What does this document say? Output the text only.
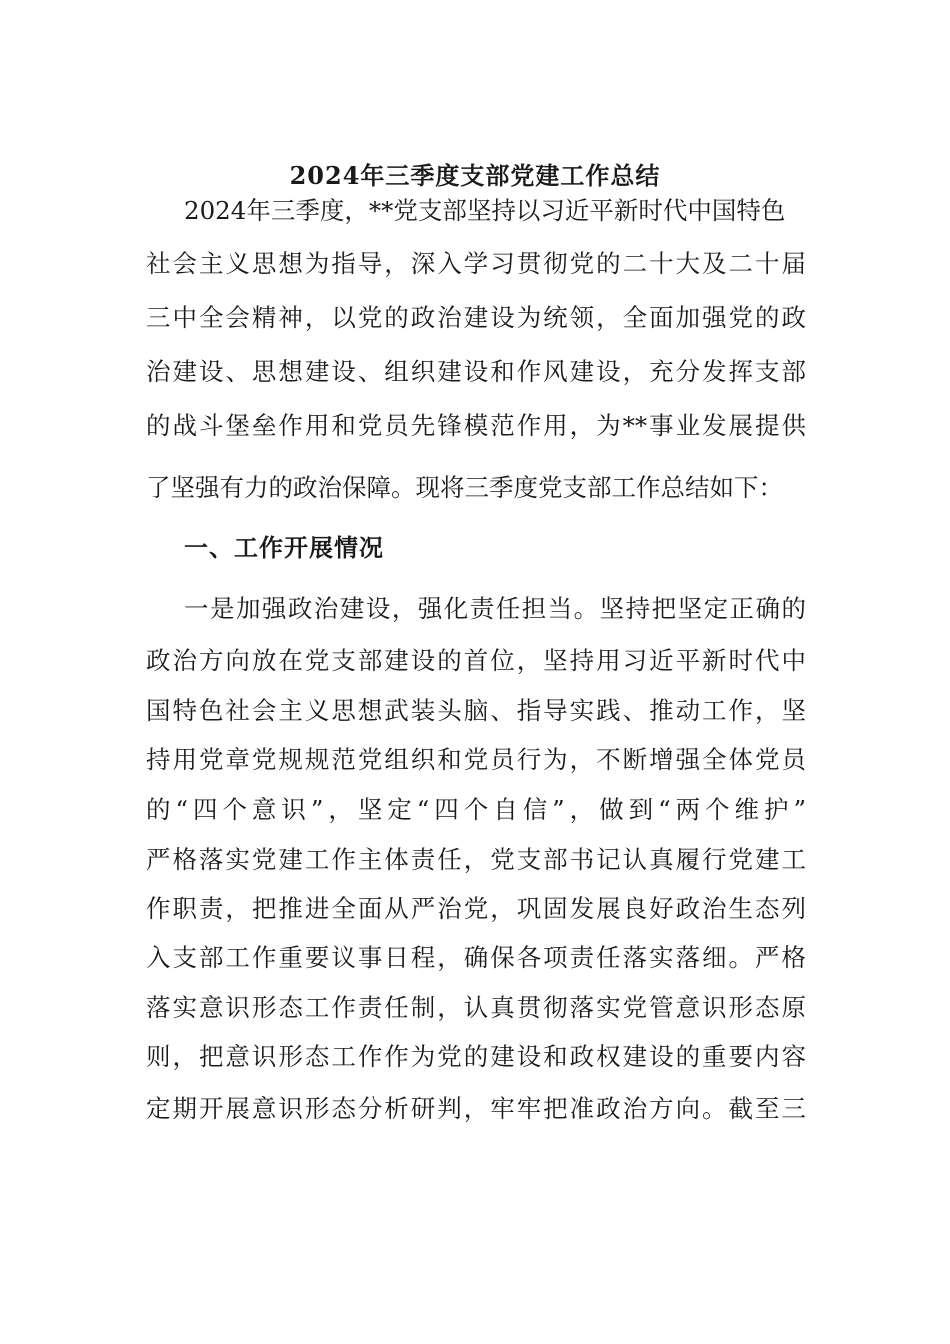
2024年三季度支部党建工作总结

2024年三季度，**党支部坚持以习近平新时代中国特色

社会主义思想为指导，深入学习贯彻党的二十大及二十届

三中全会精神，以党的政治建设为统领，全面加强党的政

治建设、思想建设、组织建设和作风建设，充分发挥支部

的战斗堡垒作用和党员先锋模范作用，为**事业发展提供

了坚强有力的政治保障。现将三季度党支部工作总结如下：

一、工作开展情况

一是加强政治建设，强化责任担当。坚持把坚定正确的

政治方向放在党支部建设的首位，坚持用习近平新时代中

国特色社会主义思想武装头脑、指导实践、推动工作，坚

持用党章党规规范党组织和党员行为，不断增强全体党员

的“四个意识”，坚定“四个自信”，做到“两个维护”

严格落实党建工作主体责任，党支部书记认真履行党建工

作职责，把推进全面从严治党，巩固发展良好政治生态列

入支部工作重要议事日程，确保各项责任落实落细。严格

落实意识形态工作责任制，认真贯彻落实党管意识形态原

则，把意识形态工作作为党的建设和政权建设的重要内容

定期开展意识形态分析研判，牢牢把准政治方向。截至三
